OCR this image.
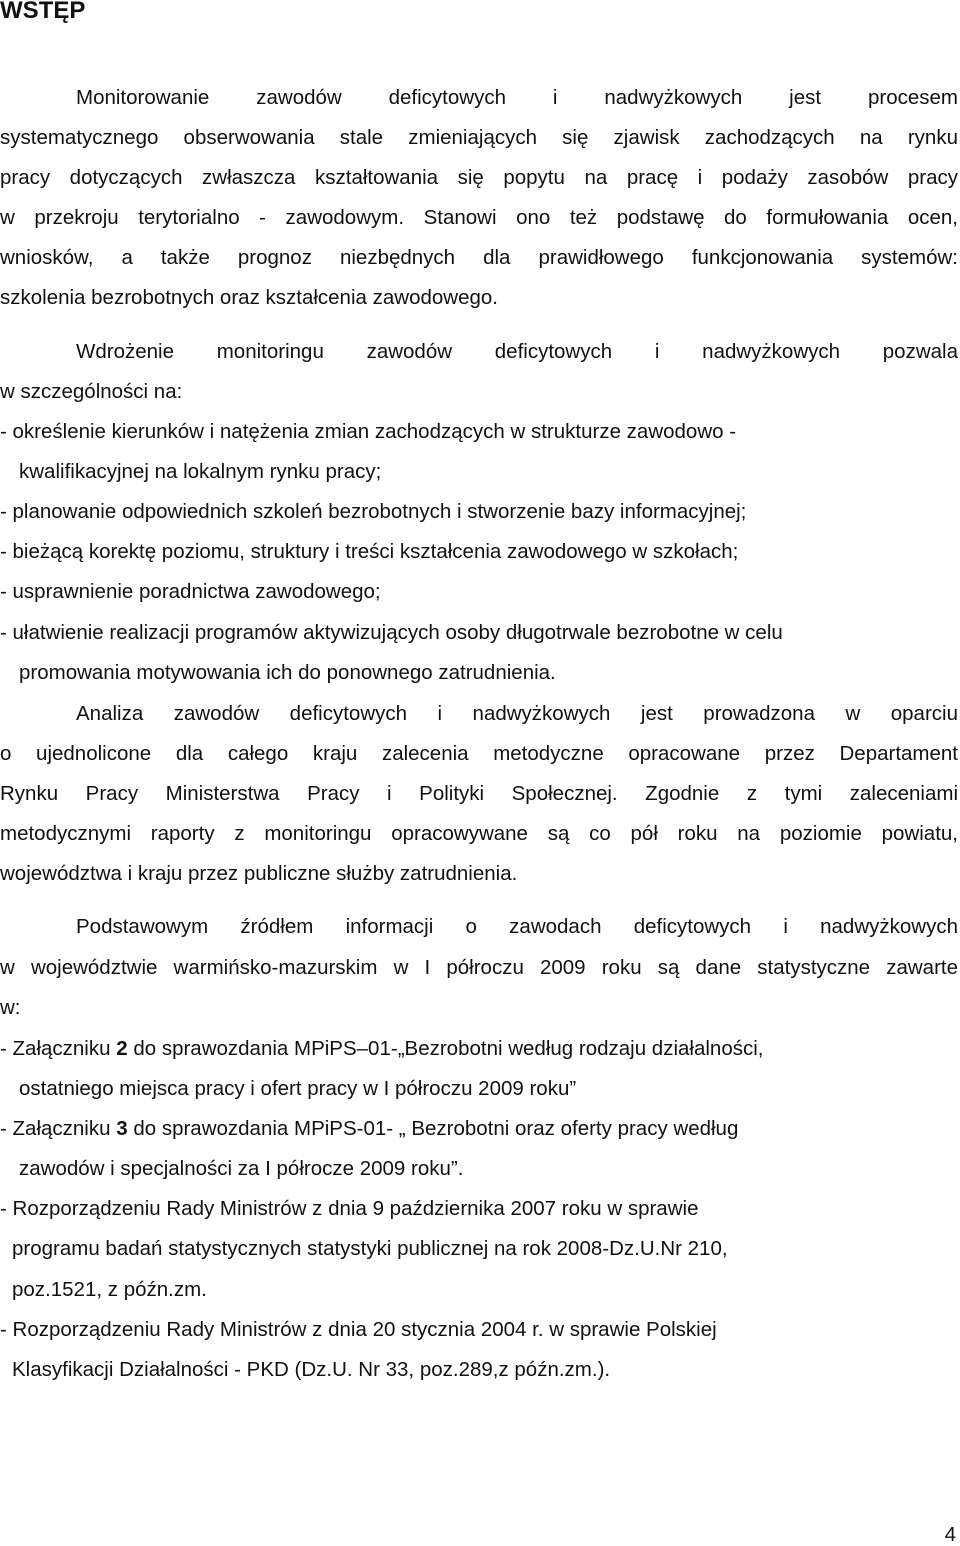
WSTĘP
Monitorowanie zawodów deficytowych i nadwyżkowych jest procesem
systematycznego obserwowania stale zmieniających się zjawisk zachodzących na rynku
pracy dotyczących zwłaszcza kształtowania się popytu na pracę i podaży zasobów pracy
w przekroju terytorialno - zawodowym. Stanowi ono też podstawę do formułowania ocen,
wniosków, a także prognoz niezbędnych dla prawidłowego funkcjonowania systemów:
szkolenia bezrobotnych oraz kształcenia zawodowego.
Wdrożenie monitoringu zawodów deficytowych i nadwyżkowych pozwala
w szczególności na:
- określenie kierunków i natężenia zmian zachodzących w strukturze zawodowo -
kwalifikacyjnej na lokalnym rynku pracy;
- planowanie odpowiednich szkoleń bezrobotnych i stworzenie bazy informacyjnej;
- bieżącą korektę poziomu, struktury i treści kształcenia zawodowego w szkołach;
- usprawnienie poradnictwa zawodowego;
- ułatwienie realizacji programów aktywizujących osoby długotrwale bezrobotne w celu
promowania motywowania ich do ponownego zatrudnienia.
Analiza zawodów deficytowych i nadwyżkowych jest prowadzona w oparciu
o ujednolicone dla całego kraju zalecenia metodyczne opracowane przez Departament
Rynku Pracy Ministerstwa Pracy i Polityki Społecznej. Zgodnie z tymi zaleceniami
metodycznymi raporty z monitoringu opracowywane są co pół roku na poziomie powiatu,
województwa i kraju przez publiczne służby zatrudnienia.
Podstawowym źródłem informacji o zawodach deficytowych i nadwyżkowych
w województwie warmińsko-mazurskim w I półroczu 2009 roku są dane statystyczne zawarte
w:
- Załączniku 2 do sprawozdania MPiPS–01-„Bezrobotni według rodzaju działalności,
ostatniego miejsca pracy i ofert pracy w I półroczu 2009 roku”
- Załączniku 3 do sprawozdania MPiPS-01- „ Bezrobotni oraz oferty pracy według
zawodów i specjalności za I półrocze 2009 roku”.
- Rozporządzeniu Rady Ministrów z dnia 9 października 2007 roku w sprawie
programu badań statystycznych statystyki publicznej na rok 2008-Dz.U.Nr 210,
poz.1521, z późn.zm.
- Rozporządzeniu Rady Ministrów z dnia 20 stycznia 2004 r. w sprawie Polskiej
Klasyfikacji Działalności - PKD (Dz.U. Nr 33, poz.289,z późn.zm.).
4
